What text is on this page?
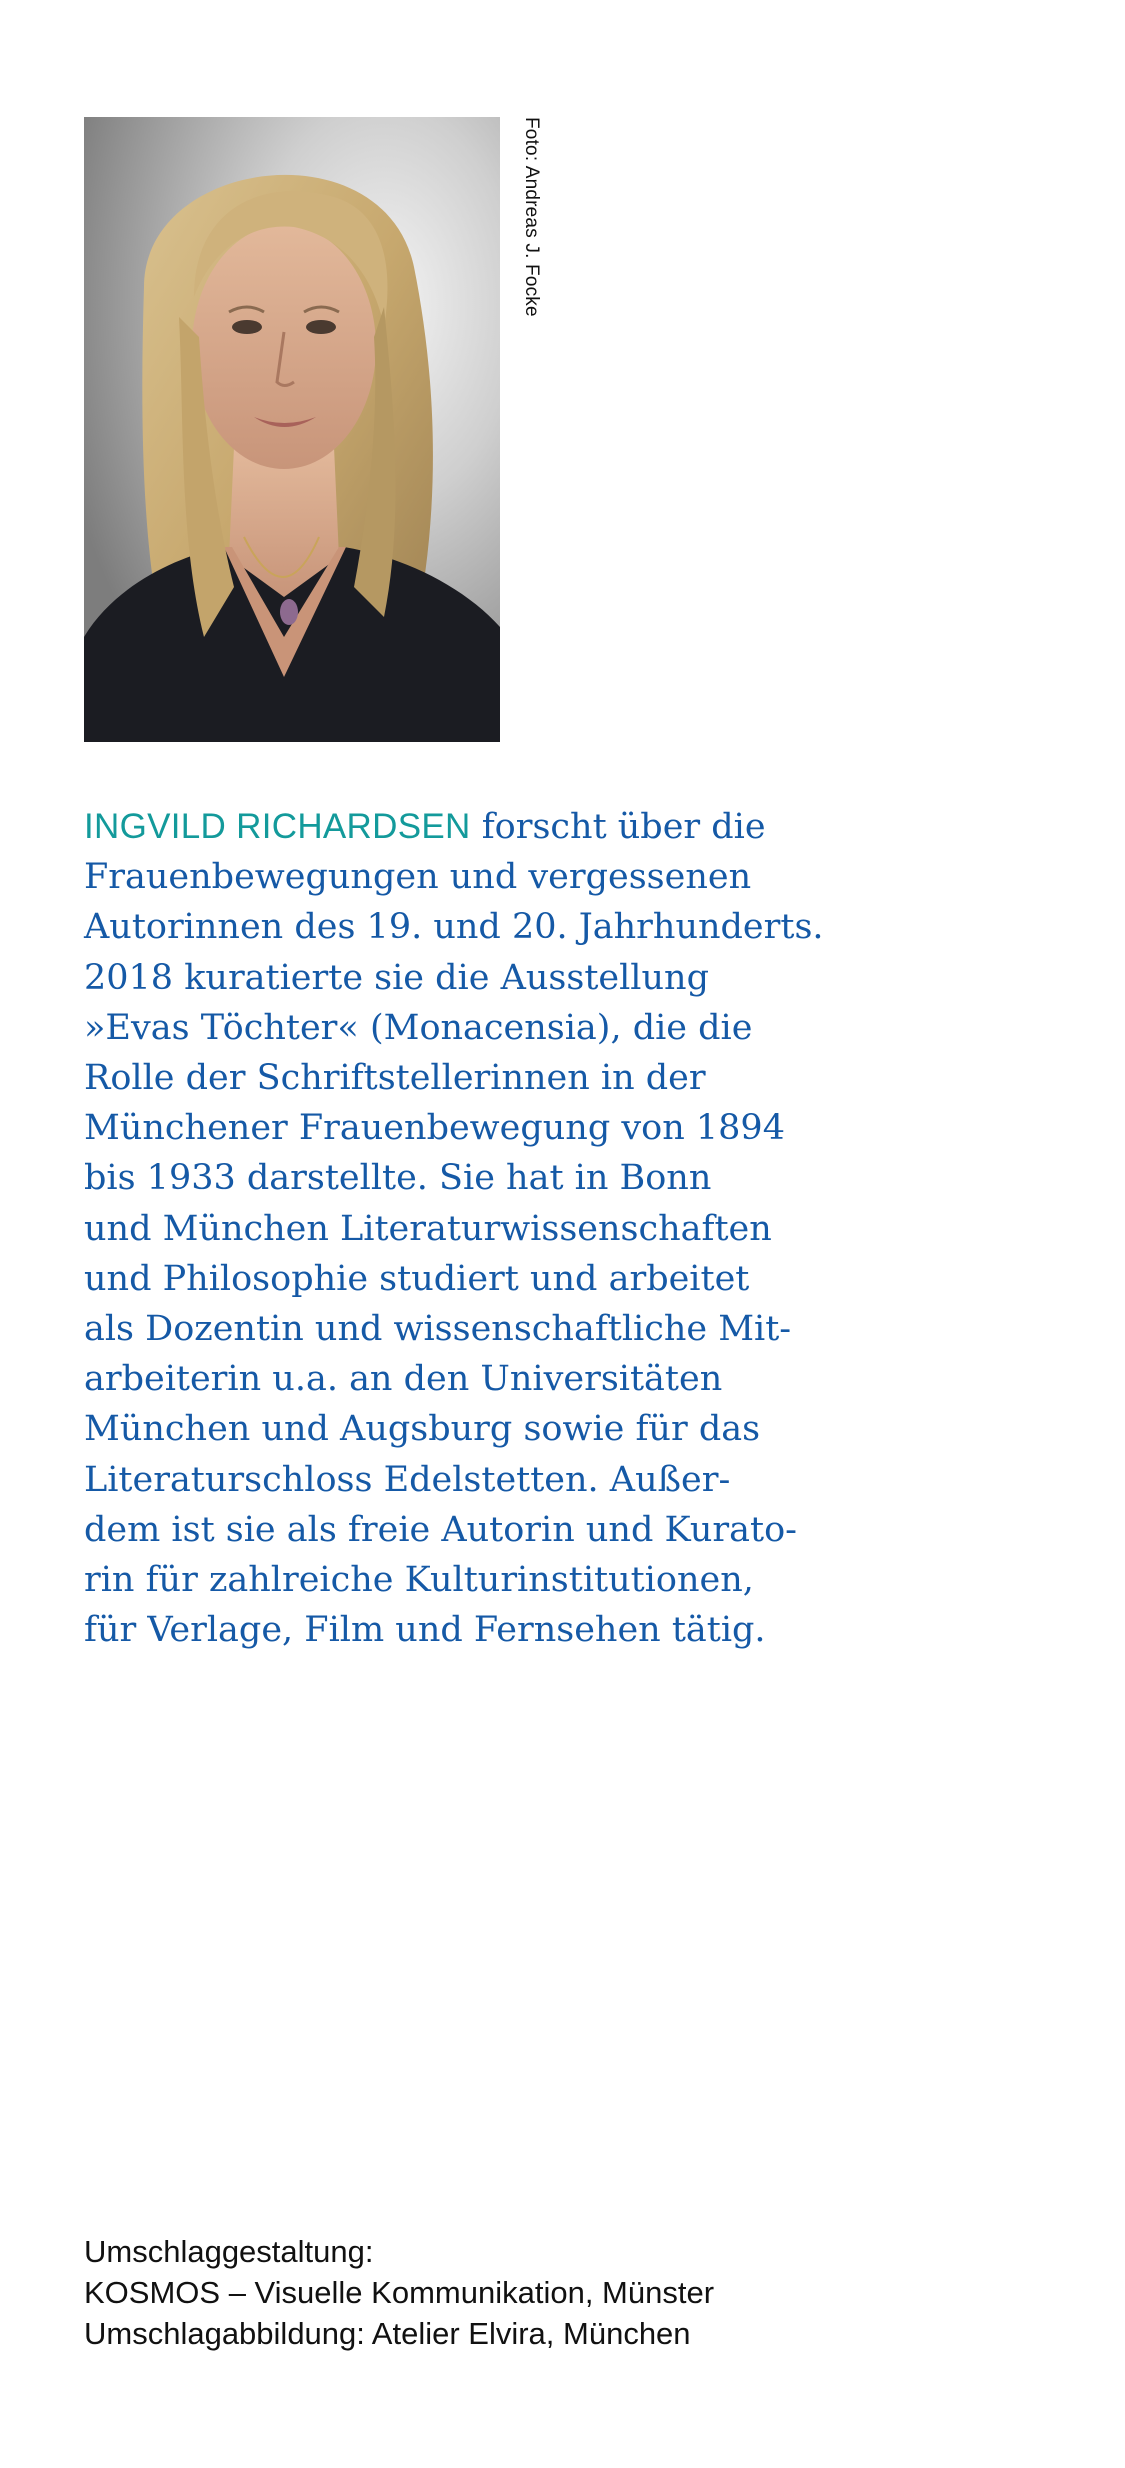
Foto: Andreas J. Focke
INGVILD RICHARDSEN forscht über die
Frauenbewegungen und vergessenen
Autorinnen des 19. und 20. Jahrhunderts.
2018 kuratierte sie die Ausstellung
»Evas Töchter« (Monacensia), die die
Rolle der Schriftstellerinnen in der
Münchener Frauenbewegung von 1894
bis 1933 darstellte. Sie hat in Bonn
und München Literaturwissenschaften
und Philosophie studiert und arbeitet
als Dozentin und wissenschaftliche Mit-
arbeiterin u.a. an den Universitäten
München und Augsburg sowie für das
Literaturschloss Edelstetten. Außer-
dem ist sie als freie Autorin und Kurato-
rin für zahlreiche Kulturinstitutionen,
für Verlage, Film und Fernsehen tätig.
Umschlaggestaltung:
KOSMOS – Visuelle Kommunikation, Münster
Umschlagabbildung: Atelier Elvira, München
